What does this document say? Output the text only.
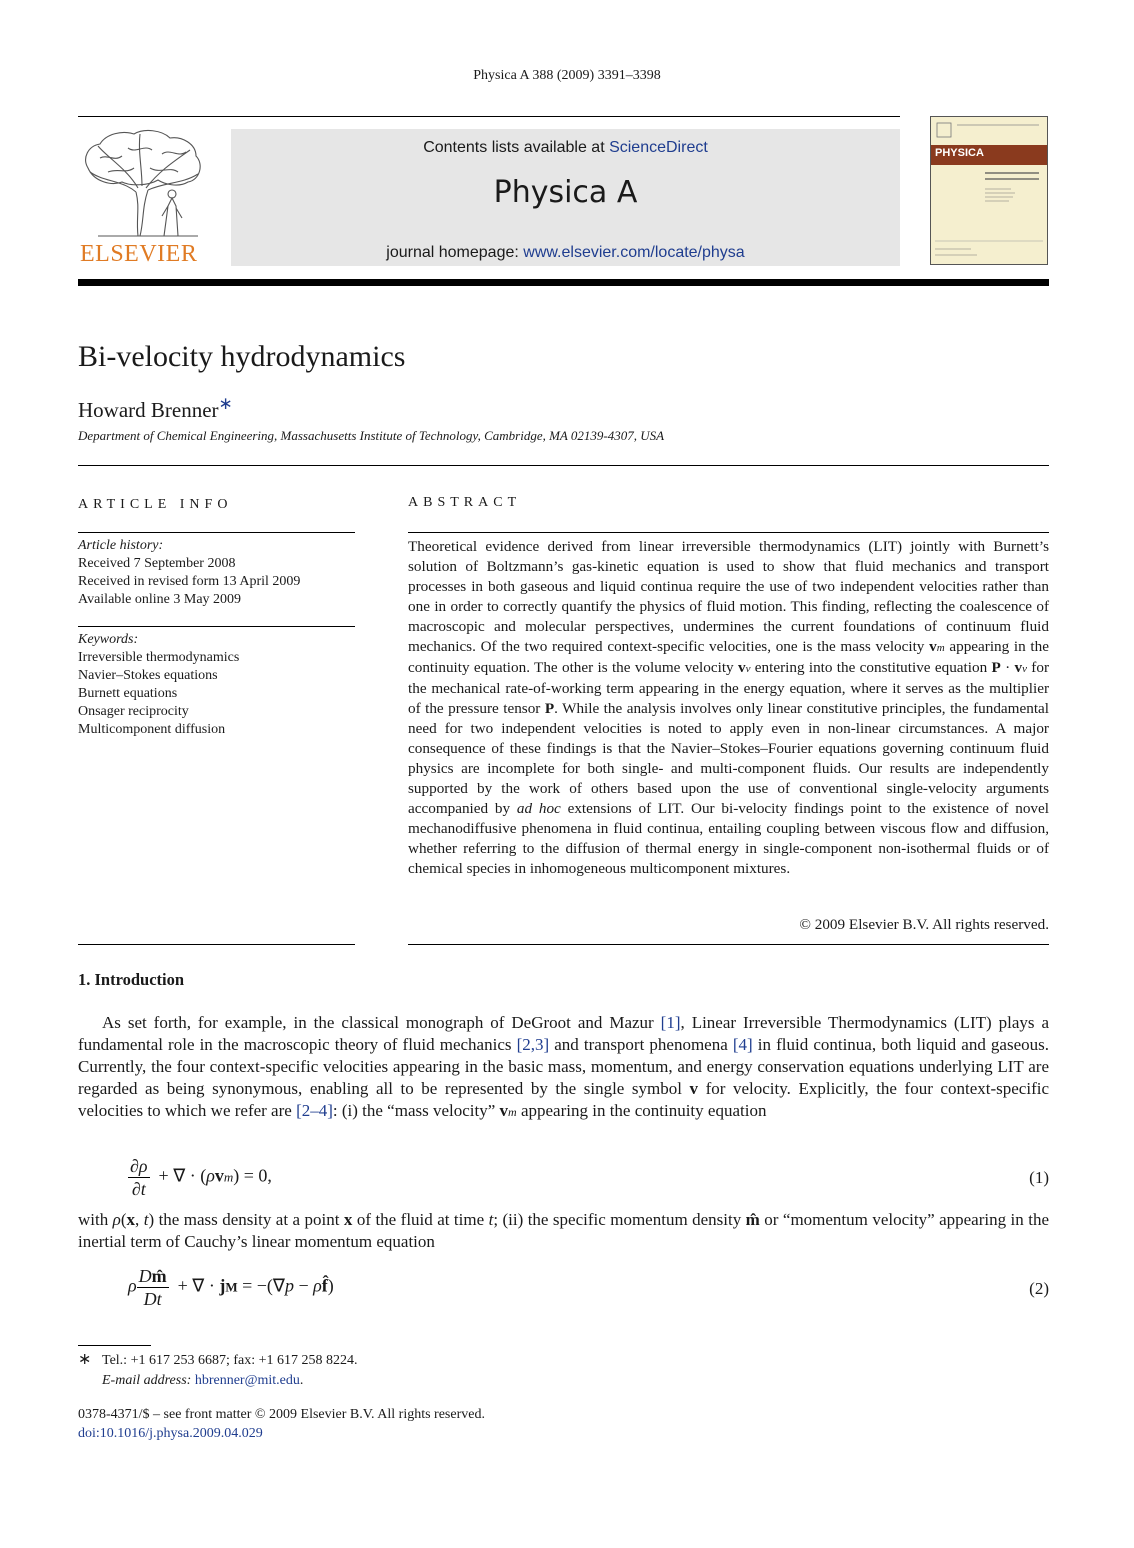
Physica A 388 (2009) 3391–3398
ELSEVIER
Contents lists available at ScienceDirect
Physica A
journal homepage: www.elsevier.com/locate/physa
PHYSICA
Bi-velocity hydrodynamics
Howard Brenner∗
Department of Chemical Engineering, Massachusetts Institute of Technology, Cambridge, MA 02139-4307, USA
ARTICLE INFO
Article history:
Received 7 September 2008
Received in revised form 13 April 2009
Available online 3 May 2009
Keywords:
Irreversible thermodynamics
Navier–Stokes equations
Burnett equations
Onsager reciprocity
Multicomponent diffusion
ABSTRACT
Theoretical evidence derived from linear irreversible thermodynamics (LIT) jointly with Burnett’s solution of Boltzmann’s gas-kinetic equation is used to show that fluid mechanics and transport processes in both gaseous and liquid continua require the use of two independent velocities rather than one in order to correctly quantify the physics of fluid motion. This finding, reflecting the coalescence of macroscopic and molecular perspectives, undermines the current foundations of continuum fluid mechanics. Of the two required context-specific velocities, one is the mass velocity vm appearing in the continuity equation. The other is the volume velocity vv entering into the constitutive equation P · vv for the mechanical rate-of-working term appearing in the energy equation, where it serves as the multiplier of the pressure tensor P. While the analysis involves only linear constitutive principles, the fundamental need for two independent velocities is noted to apply even in non-linear circumstances. A major consequence of these findings is that the Navier–Stokes–Fourier equations governing continuum fluid physics are incomplete for both single- and multi-component fluids. Our results are independently supported by the work of others based upon the use of conventional single-velocity arguments accompanied by ad hoc extensions of LIT. Our bi-velocity findings point to the existence of novel mechanodiffusive phenomena in fluid continua, entailing coupling between viscous flow and diffusion, whether referring to the diffusion of thermal energy in single-component non-isothermal fluids or of chemical species in inhomogeneous multicomponent mixtures.
© 2009 Elsevier B.V. All rights reserved.
1. Introduction
As set forth, for example, in the classical monograph of DeGroot and Mazur [1], Linear Irreversible Thermodynamics (LIT) plays a fundamental role in the macroscopic theory of fluid mechanics [2,3] and transport phenomena [4] in fluid continua, both liquid and gaseous. Currently, the four context-specific velocities appearing in the basic mass, momentum, and energy conservation equations underlying LIT are regarded as being synonymous, enabling all to be represented by the single symbol v for velocity. Explicitly, the four context-specific velocities to which we refer are [2–4]: (i) the “mass velocity” vm appearing in the continuity equation
$\frac{\partial\rho}{\partial t}$ + ∇ · (ρvm) = 0,	(1)
with ρ(x, t) the mass density at a point x of the fluid at time t; (ii) the specific momentum density m̂ or “momentum velocity” appearing in the inertial term of Cauchy’s linear momentum equation
ρ $\frac{Dm̂}{Dt}$ + ∇ · jM = −(∇p − ρf̂)	(2)
∗ Tel.: +1 617 253 6687; fax: +1 617 258 8224.
E-mail address: hbrenner@mit.edu.
0378-4371/$ – see front matter © 2009 Elsevier B.V. All rights reserved.
doi:10.1016/j.physa.2009.04.029
